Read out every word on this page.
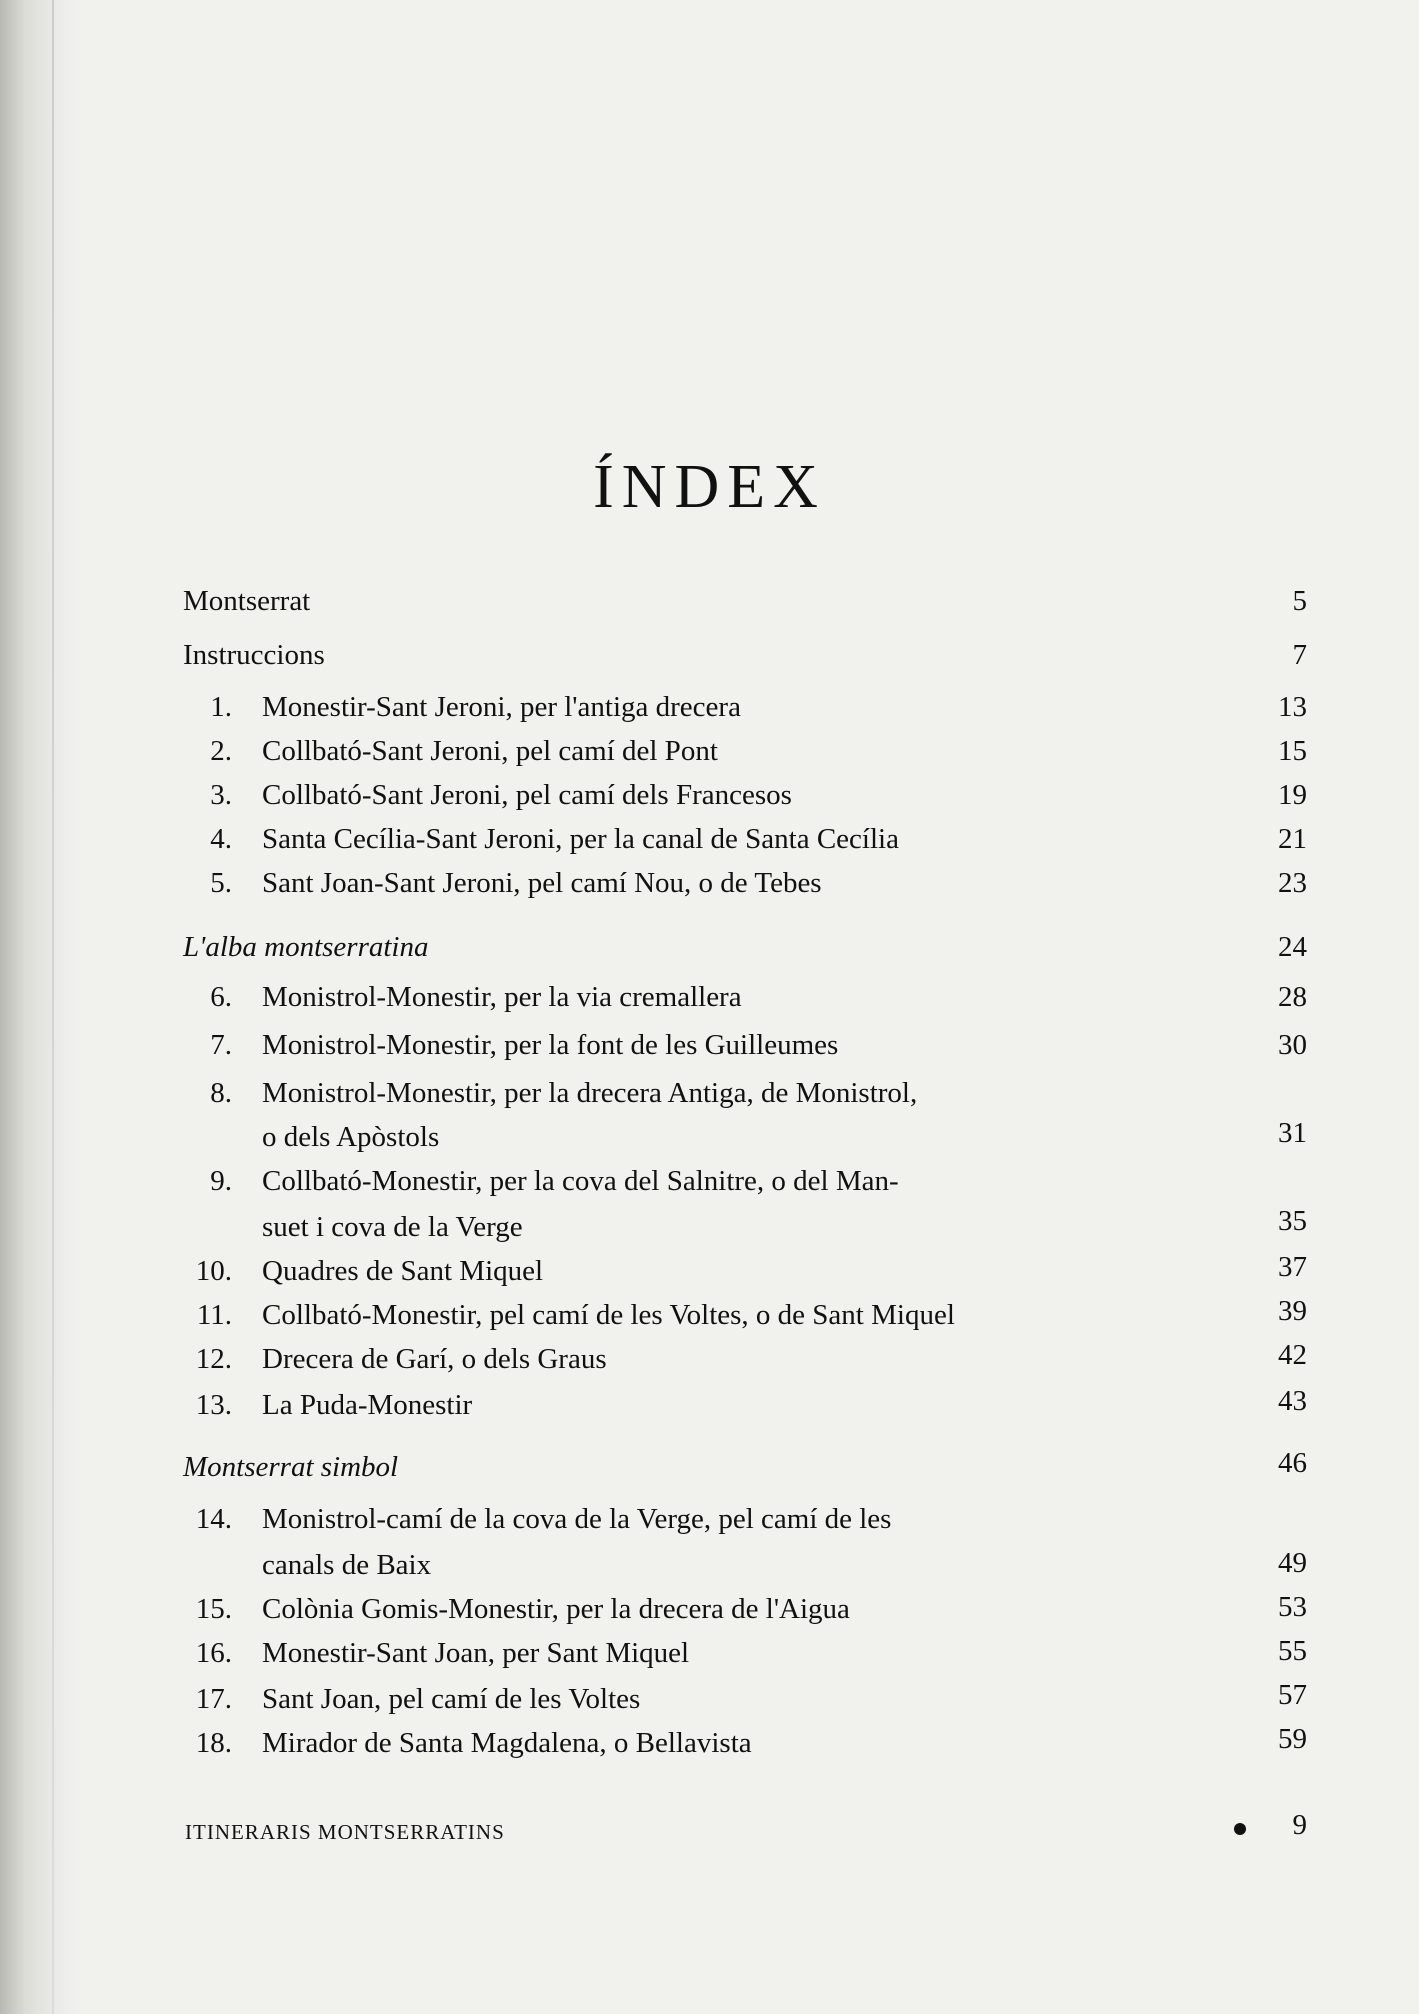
ÍNDEX
Montserrat	5
Instruccions	7
1. Monestir-Sant Jeroni, per l'antiga drecera	13
2. Collbató-Sant Jeroni, pel camí del Pont	15
3. Collbató-Sant Jeroni, pel camí dels Francesos	19
4. Santa Cecília-Sant Jeroni, per la canal de Santa Cecília	21
5. Sant Joan-Sant Jeroni, pel camí Nou, o de Tebes	23
L'alba montserratina	24
6. Monistrol-Monestir, per la via cremallera	28
7. Monistrol-Monestir, per la font de les Guilleumes	30
8. Monistrol-Monestir, per la drecera Antiga, de Monistrol,
o dels Apòstols	31
9. Collbató-Monestir, per la cova del Salnitre, o del Man-
suet i cova de la Verge	35
10. Quadres de Sant Miquel	37
11. Collbató-Monestir, pel camí de les Voltes, o de Sant Miquel	39
12. Drecera de Garí, o dels Graus	42
13. La Puda-Monestir	43
Montserrat simbol	46
14. Monistrol-camí de la cova de la Verge, pel camí de les
canals de Baix	49
15. Colònia Gomis-Monestir, per la drecera de l'Aigua	53
16. Monestir-Sant Joan, per Sant Miquel	55
17. Sant Joan, pel camí de les Voltes	57
18. Mirador de Santa Magdalena, o Bellavista	59
ITINERARIS MONTSERRATINS	9
